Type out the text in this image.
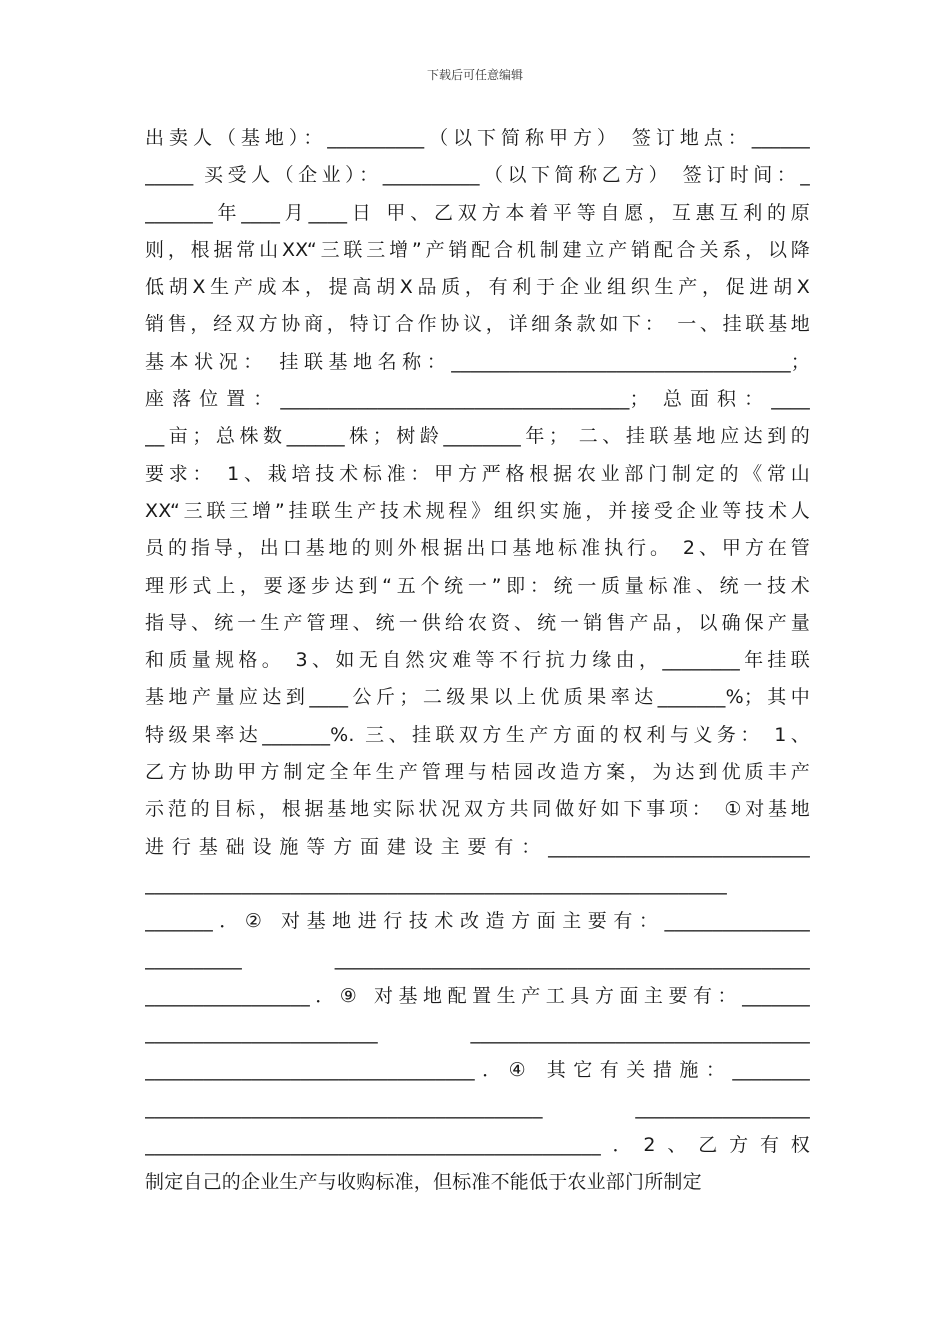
下载后可任意编辑
出卖人（基地）：__________（以下简称甲方） 签订地点：______
_____ 买受人（企业）：__________（以下简称乙方） 签订时间：_
_______年____月____日 甲、乙双方本着平等自愿，互惠互利的原
则，根据常山XX“三联三增”产销配合机制建立产销配合关系，以降
低胡X生产成本，提高胡X品质，有利于企业组织生产，促进胡X
销售，经双方协商，特订合作协议，详细条款如下： 一、挂联基地
基本状况： 挂联基地名称：___________________________________；
座落位置：____________________________________； 总面积：____
__亩；总株数______株；树龄________年； 二、挂联基地应达到的
要求： 1、栽培技术标准：甲方严格根据农业部门制定的《常山
XX“三联三增”挂联生产技术规程》组织实施，并接受企业等技术人
员的指导，出口基地的则外根据出口基地标准执行。 2、甲方在管
理形式上，要逐步达到“五个统一”即：统一质量标准、统一技术
指导、统一生产管理、统一供给农资、统一销售产品，以确保产量
和质量规格。 3、如无自然灾难等不行抗力缘由，________年挂联
基地产量应达到____公斤；二级果以上优质果率达_______%；其中
特级果率达_______%. 三、挂联双方生产方面的权利与义务： 1、
乙方协助甲方制定全年生产管理与桔园改造方案，为达到优质丰产
示范的目标，根据基地实际状况双方共同做好如下事项： ①对基地
进行基础设施等方面建设主要有：___________________________
____________________________________________________________
_______．② 对基地进行技术改造方面主要有：_______________
__________ _________________________________________________
_________________．⑨ 对基地配置生产工具方面主要有：_______
________________________ ___________________________________
__________________________________．④ 其它有关措施：________
_________________________________________ __________________
_______________________________________________．2、乙方有权
制定自己的企业生产与收购标准，但标准不能低于农业部门所制定
